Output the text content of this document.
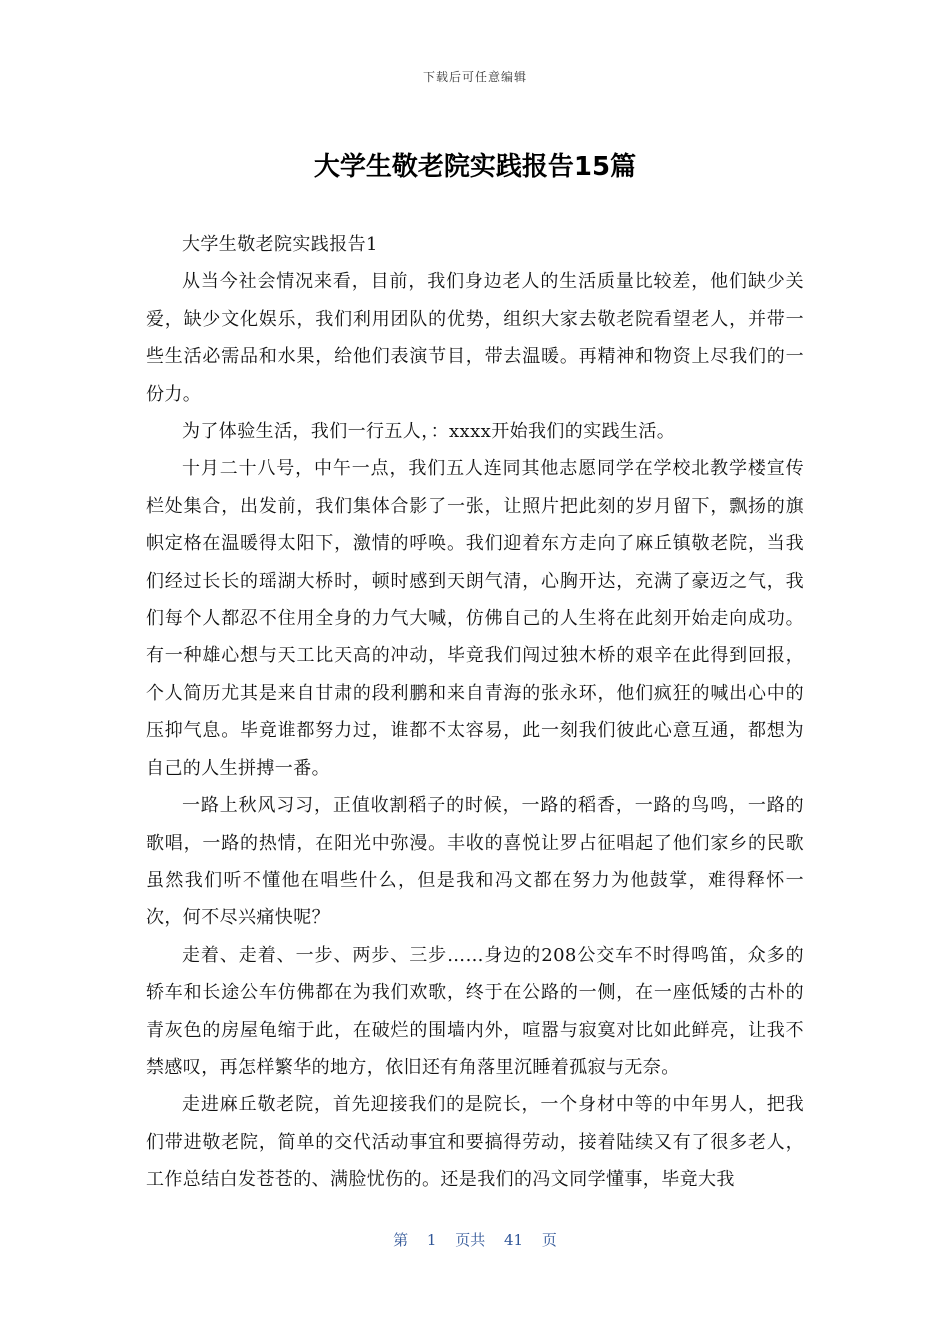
下载后可任意编辑
大学生敬老院实践报告15篇

大学生敬老院实践报告1

从当今社会情况来看，目前，我们身边老人的生活质量比较差，他们缺少关爱，缺少文化娱乐，我们利用团队的优势，组织大家去敬老院看望老人，并带一些生活必需品和水果，给他们表演节目，带去温暖。再精神和物资上尽我们的一份力。

为了体验生活，我们一行五人，：xxxx开始我们的实践生活。

十月二十八号，中午一点，我们五人连同其他志愿同学在学校北教学楼宣传栏处集合，出发前，我们集体合影了一张，让照片把此刻的岁月留下，飘扬的旗帜定格在温暖得太阳下，激情的呼唤。我们迎着东方走向了麻丘镇敬老院，当我们经过长长的瑶湖大桥时，顿时感到天朗气清，心胸开达，充满了豪迈之气，我们每个人都忍不住用全身的力气大喊，仿佛自己的人生将在此刻开始走向成功。有一种雄心想与天工比天高的冲动，毕竟我们闯过独木桥的艰辛在此得到回报，个人简历尤其是来自甘肃的段利鹏和来自青海的张永环，他们疯狂的喊出心中的压抑气息。毕竟谁都努力过，谁都不太容易，此一刻我们彼此心意互通，都想为自己的人生拼搏一番。

一路上秋风习习，正值收割稻子的时候，一路的稻香，一路的鸟鸣，一路的歌唱，一路的热情，在阳光中弥漫。丰收的喜悦让罗占征唱起了他们家乡的民歌虽然我们听不懂他在唱些什么，但是我和冯文都在努力为他鼓掌，难得释怀一次，何不尽兴痛快呢？

走着、走着、一步、两步、三步……身边的208公交车不时得鸣笛，众多的轿车和长途公车仿佛都在为我们欢歌，终于在公路的一侧，在一座低矮的古朴的青灰色的房屋龟缩于此，在破烂的围墙内外，喧嚣与寂寞对比如此鲜亮，让我不禁感叹，再怎样繁华的地方，依旧还有角落里沉睡着孤寂与无奈。

走进麻丘敬老院，首先迎接我们的是院长，一个身材中等的中年男人，把我们带进敬老院，简单的交代活动事宜和要搞得劳动，接着陆续又有了很多老人，工作总结白发苍苍的、满脸忧伤的。还是我们的冯文同学懂事，毕竟大我

第 1 页共 41 页
